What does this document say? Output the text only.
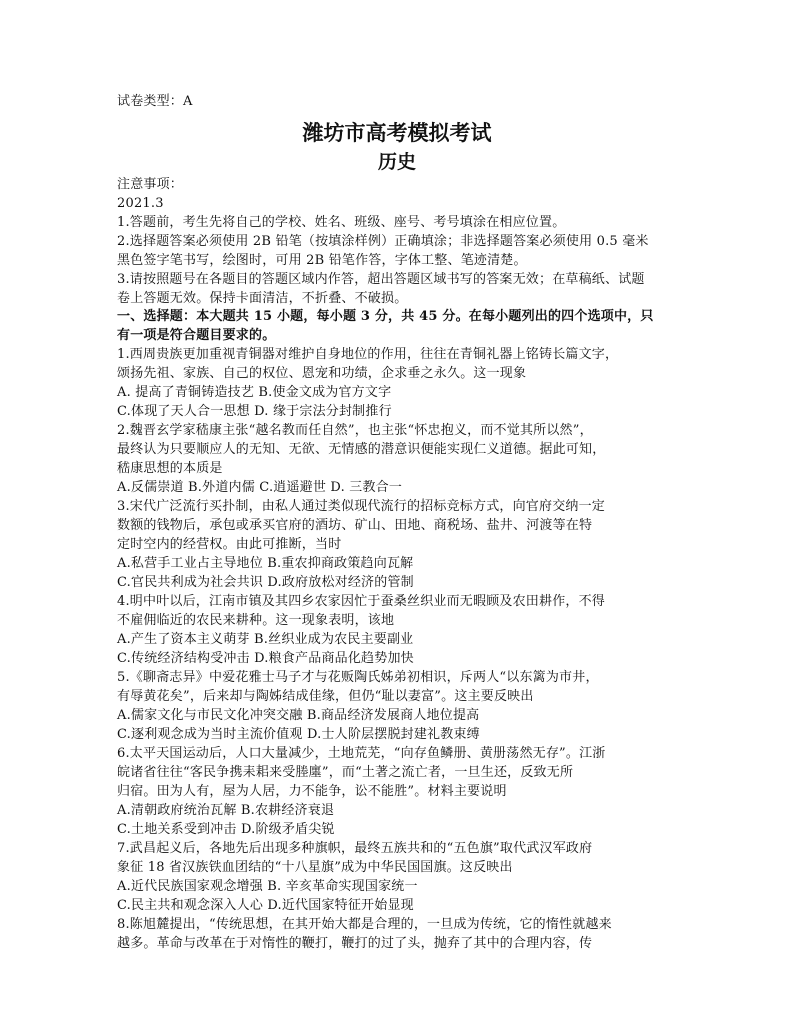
试卷类型：A
潍坊市高考模拟考试
历史
注意事项：
2021.3
1.答题前，考生先将自己的学校、姓名、班级、座号、考号填涂在相应位置。
2.选择题答案必须使用 2B 铅笔（按填涂样例）正确填涂；非选择题答案必须使用 0.5 毫米
黑色签字笔书写，绘图时，可用 2B 铅笔作答，字体工整、笔迹清楚。
3.请按照题号在各题目的答题区域内作答，超出答题区域书写的答案无效；在草稿纸、试题
卷上答题无效。保持卡面清洁，不折叠、不破损。
一、选择题：本大题共 15 小题，每小题 3 分，共 45 分。在每小题列出的四个选项中，只
有一项是符合题目要求的。
1.西周贵族更加重视青铜器对维护自身地位的作用，往往在青铜礼器上铭铸长篇文字，
颂扬先祖、家族、自己的权位、恩宠和功绩，企求垂之永久。这一现象
A. 提高了青铜铸造技艺 B.使金文成为官方文字
C.体现了天人合一思想 D. 缘于宗法分封制推行
2.魏晋玄学家嵇康主张“越名教而任自然”，也主张“怀忠抱义，而不觉其所以然”，
最终认为只要顺应人的无知、无欲、无情感的潜意识便能实现仁义道德。据此可知，
嵇康思想的本质是
A.反儒崇道 B.外道内儒 C.逍遥避世 D. 三教合一
3.宋代广泛流行买扑制，由私人通过类似现代流行的招标竞标方式，向官府交纳一定
数额的钱物后，承包或承买官府的酒坊、矿山、田地、商税场、盐井、河渡等在特
定时空内的经营权。由此可推断，当时
A.私营手工业占主导地位 B.重农抑商政策趋向瓦解
C.官民共利成为社会共识 D.政府放松对经济的管制
4.明中叶以后，江南市镇及其四乡农家因忙于蚕桑丝织业而无暇顾及农田耕作，不得
不雇佣临近的农民来耕种。这一现象表明，该地
A.产生了资本主义萌芽 B.丝织业成为农民主要副业
C.传统经济结构受冲击 D.粮食产品商品化趋势加快
5.《聊斋志异》中爱花雅士马子才与花贩陶氏姊弟初相识，斥两人“以东篱为市井，
有辱黄花矣”，后来却与陶姊结成佳缘，但仍“耻以妻富”。这主要反映出
A.儒家文化与市民文化冲突交融 B.商品经济发展商人地位提高
C.逐利观念成为当时主流价值观 D.士人阶层摆脱封建礼教束缚
6.太平天国运动后，人口大量减少，土地荒芜，“向存鱼鳞册、黄册荡然无存”。江浙
皖诸省往往“客民争携耒耜来受塍廛”，而“土著之流亡者，一旦生还，反致无所
归宿。田为人有，屋为人居，力不能争，讼不能胜”。材料主要说明
A.清朝政府统治瓦解 B.农耕经济衰退
C.土地关系受到冲击 D.阶级矛盾尖锐
7.武昌起义后，各地先后出现多种旗帜，最终五族共和的“五色旗”取代武汉军政府
象征 18 省汉族铁血团结的“十八星旗”成为中华民国国旗。这反映出
A.近代民族国家观念增强 B. 辛亥革命实现国家统一
C.民主共和观念深入人心 D.近代国家特征开始显现
8.陈旭麓提出，“传统思想，在其开始大都是合理的，一旦成为传统，它的惰性就越来
越多。革命与改革在于对惰性的鞭打，鞭打的过了头，抛弃了其中的合理内容，传
